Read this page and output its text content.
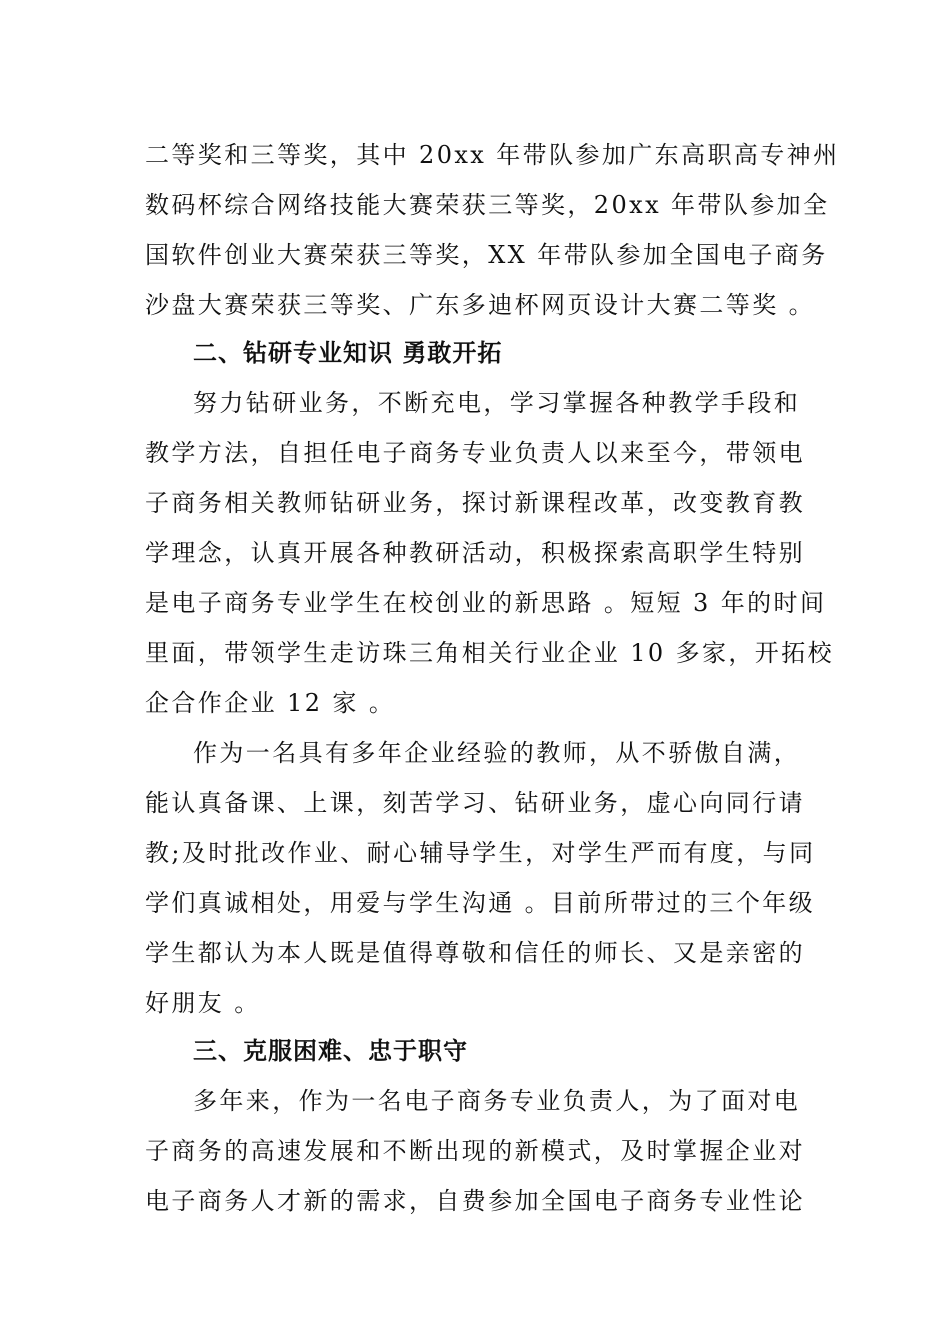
二等奖和三等奖，其中 20xx 年带队参加广东高职高专神州
数码杯综合网络技能大赛荣获三等奖，20xx 年带队参加全
国软件创业大赛荣获三等奖，XX 年带队参加全国电子商务
沙盘大赛荣获三等奖、广东多迪杯网页设计大赛二等奖 。
二、钻研专业知识 勇敢开拓
努力钻研业务，不断充电，学习掌握各种教学手段和
教学方法，自担任电子商务专业负责人以来至今，带领电
子商务相关教师钻研业务，探讨新课程改革，改变教育教
学理念，认真开展各种教研活动，积极探索高职学生特别
是电子商务专业学生在校创业的新思路 。短短 3 年的时间
里面，带领学生走访珠三角相关行业企业 10 多家，开拓校
企合作企业 12 家 。
作为一名具有多年企业经验的教师，从不骄傲自满，
能认真备课、上课，刻苦学习、钻研业务，虚心向同行请
教;及时批改作业、耐心辅导学生，对学生严而有度，与同
学们真诚相处，用爱与学生沟通 。目前所带过的三个年级
学生都认为本人既是值得尊敬和信任的师长、又是亲密的
好朋友 。
三、克服困难、忠于职守
多年来，作为一名电子商务专业负责人，为了面对电
子商务的高速发展和不断出现的新模式，及时掌握企业对
电子商务人才新的需求，自费参加全国电子商务专业性论
